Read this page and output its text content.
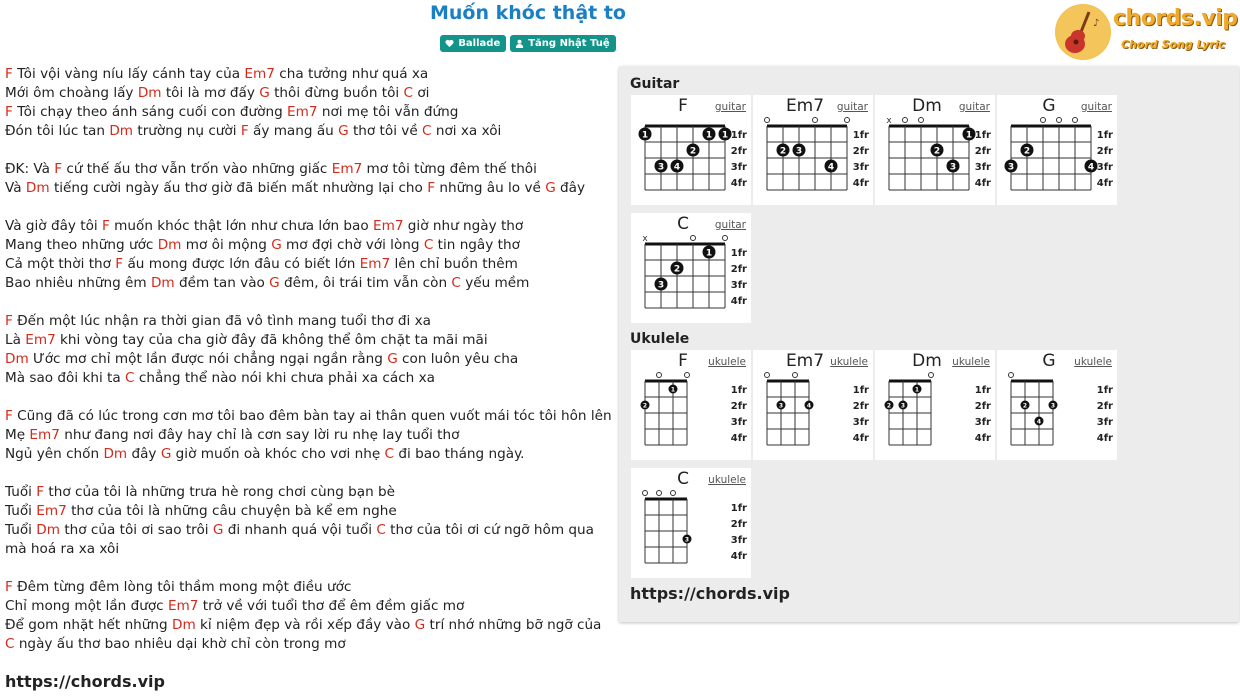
Muốn khóc thật to
Ballade
	Tăng Nhật Tuệ
♪ chords.vip
Chord Song Lyric
F Tôi vội vàng níu lấy cánh tay của Em7 cha tưởng như quá xa
Mới ôm choàng lấy Dm tôi là mơ đấy G thôi đừng buồn tôi C ơi
F Tôi chạy theo ánh sáng cuối con đường Em7 nơi mẹ tôi vẫn đứng
Đón tôi lúc tan Dm trường nụ cười F ấy mang ấu G thơ tôi về C nơi xa xôi
ĐK: Và F cứ thế ấu thơ vẫn trốn vào những giấc Em7 mơ tôi từng đêm thế thôi
Và Dm tiếng cười ngày ấu thơ giờ đã biến mất nhường lại cho F những âu lo về G đây
Và giờ đây tôi F muốn khóc thật lớn như chưa lớn bao Em7 giờ như ngày thơ
Mang theo những ước Dm mơ ôi mộng G mơ đợi chờ với lòng C tin ngây thơ
Cả một thời thơ F ấu mong được lớn đâu có biết lớn Em7 lên chỉ buồn thêm
Bao nhiêu những êm Dm đềm tan vào G đêm, ôi trái tim vẫn còn C yếu mềm
F Đến một lúc nhận ra thời gian đã vô tình mang tuổi thơ đi xa
Là Em7 khi vòng tay của cha giờ đây đã không thể ôm chặt ta mãi mãi
Dm Ước mơ chỉ một lần được nói chẳng ngại ngần rằng G con luôn yêu cha
Mà sao đôi khi ta C chẳng thể nào nói khi chưa phải xa cách xa
F Cũng đã có lúc trong cơn mơ tôi bao đêm bàn tay ai thân quen vuốt mái tóc tôi hôn lên
Mẹ Em7 như đang nơi đây hay chỉ là cơn say lời ru nhẹ lay tuổi thơ
Ngủ yên chốn Dm đây G giờ muốn oà khóc cho vơi nhẹ C đi bao tháng ngày.
Tuổi F thơ của tôi là những trưa hè rong chơi cùng bạn bè
Tuổi Em7 thơ của tôi là những câu chuyện bà kể em nghe
Tuổi Dm thơ của tôi ơi sao trôi G đi nhanh quá vội tuổi C thơ của tôi ơi cứ ngỡ hôm qua mà hoá ra xa xôi
F Đêm từng đêm lòng tôi thầm mong một điều ước
Chỉ mong một lần được Em7 trở về với tuổi thơ để êm đềm giấc mơ
Để gom nhặt hết những Dm kỉ niệm đẹp và rồi xếp đầy vào G trí nhớ những bỡ ngỡ của
C ngày ấu thơ bao nhiêu dại khờ chỉ còn trong mơ
https://chords.vip
Guitar
Ukulele
https://chords.vip
1
3 4
2
1 1 1fr
2fr
3fr
4fr
F	guitar
2 3
4
1fr
2fr
3fr
4fr
Em7	guitar
x
2
3
1 1fr
2fr
3fr
4fr
Dm	guitar
3
2
4
1fr
2fr
3fr
4fr
G	guitar
x
3
2
1 1fr
2fr
3fr
4fr
C	guitar
2
1	1fr
2fr
3fr
4fr
F	ukulele
3	4
1fr
2fr
3fr
4fr
Em7 ukulele
2 3
1	1fr
2fr
3fr
4fr
Dm ukulele
2
4
3
1fr
2fr
3fr
4fr
G	ukulele
3
1fr
2fr
3fr
4fr
C	ukulele
